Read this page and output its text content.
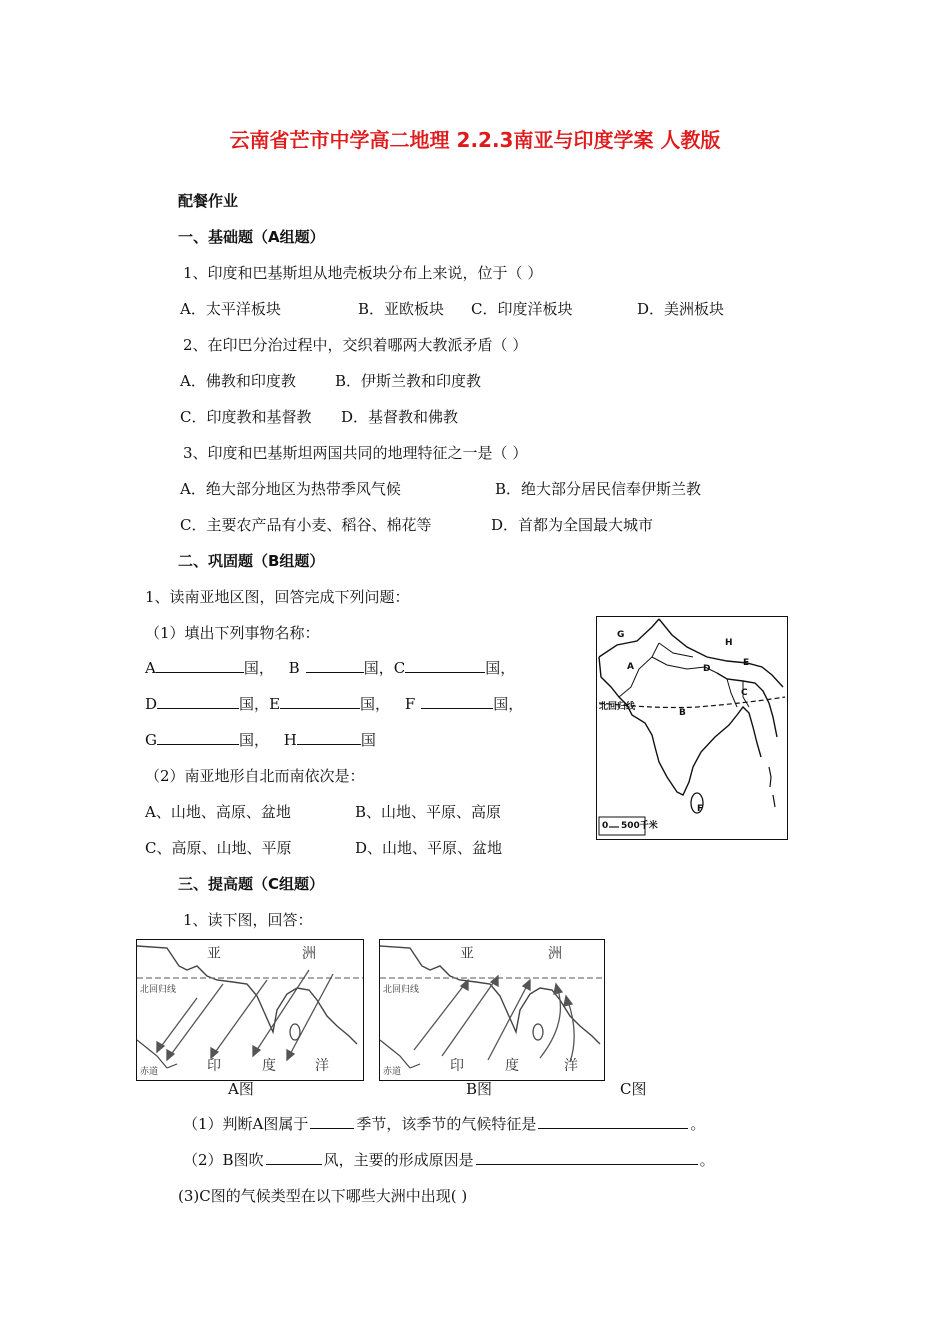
云南省芒市中学高二地理 2.2.3南亚与印度学案 人教版
配餐作业
一、基础题（A组题）
1、印度和巴基斯坦从地壳板块分布上来说，位于（ ）
A．太平洋板块	B．亚欧板块 C．印度洋板块	D．美洲板块
2、在印巴分治过程中，交织着哪两大教派矛盾（ ）
A．佛教和印度教	B．伊斯兰教和印度教
C．印度教和基督教 D．基督教和佛教
3、印度和巴基斯坦两国共同的地理特征之一是（ ）
A．绝大部分地区为热带季风气候	B．绝大部分居民信奉伊斯兰教
C．主要农产品有小麦、稻谷、棉花等	D．首都为全国最大城市
二、巩固题（B组题）
1、读南亚地区图，回答完成下列问题：
（1）填出下列事物名称：
A	国， B	国，C	国，
D	国，E	国， F	国，
G	国， H	国
（2）南亚地形自北而南依次是：
A、山地、高原、盆地	B、山地、平原、高原
C、高原、山地、平原	D、山地、平原、盆地
北回归线
G
H
A	D
E
C
B
F
0 500千米
三、提高题（C组题）
1、读下图，回答：
亚	洲
北回归线
赤道	印	度	洋
亚	洲
北回归线
赤道	印	度	洋
A图	B图	C图
（1）判断A图属于	季节，该季节的气候特征是	。
（2）B图吹	风，主要的形成原因是	。
(3)C图的气候类型在以下哪些大洲中出现( )
